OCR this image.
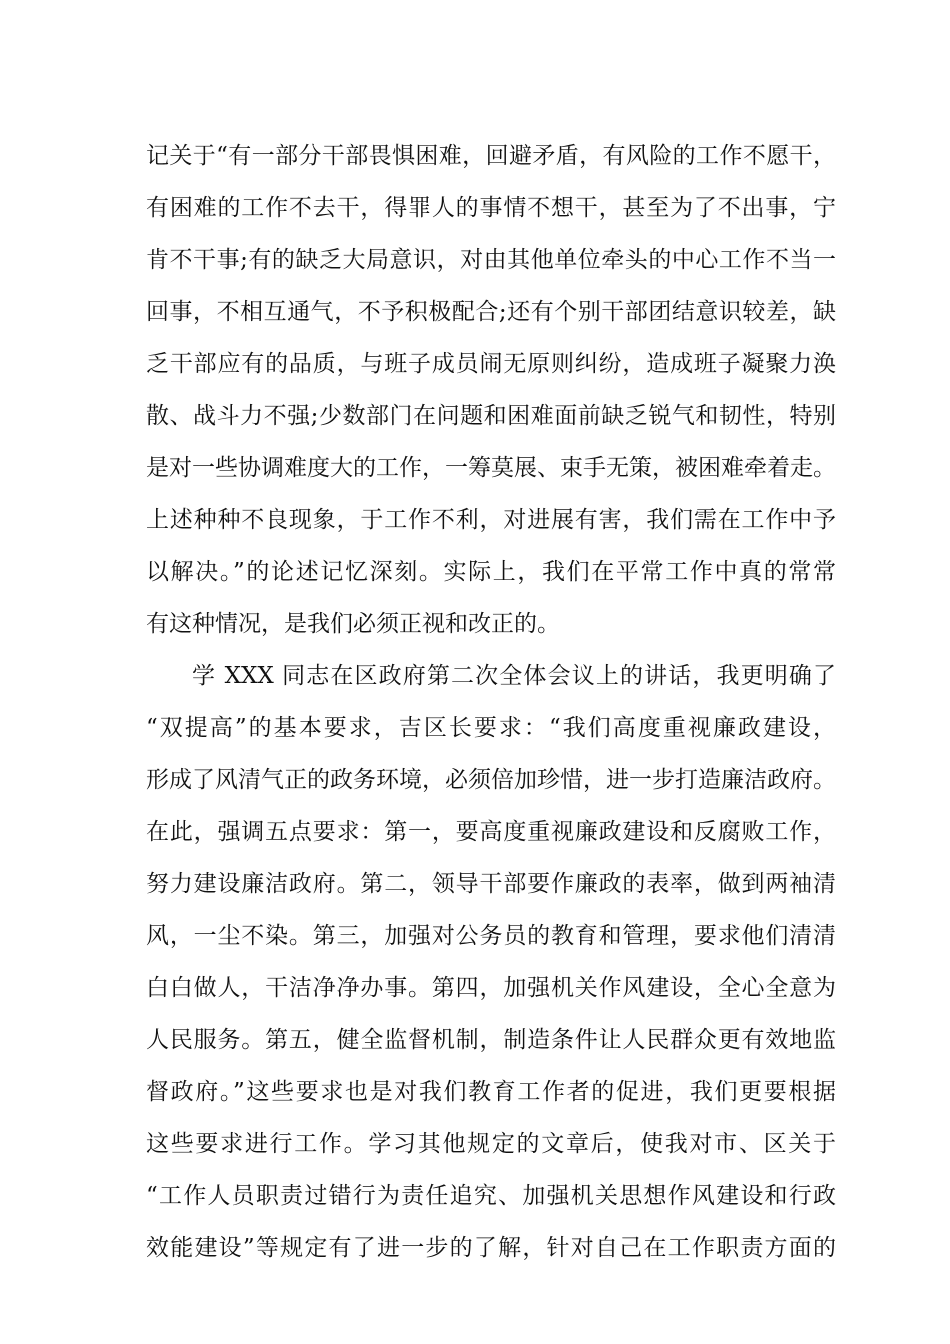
记关于“有一部分干部畏惧困难，回避矛盾，有风险的工作不愿干，
有困难的工作不去干，得罪人的事情不想干，甚至为了不出事，宁
肯不干事;有的缺乏大局意识，对由其他单位牵头的中心工作不当一
回事，不相互通气，不予积极配合;还有个别干部团结意识较差，缺
乏干部应有的品质，与班子成员闹无原则纠纷，造成班子凝聚力涣
散、战斗力不强;少数部门在问题和困难面前缺乏锐气和韧性，特别
是对一些协调难度大的工作，一筹莫展、束手无策，被困难牵着走。
上述种种不良现象，于工作不利，对进展有害，我们需在工作中予
以解决。”的论述记忆深刻。实际上，我们在平常工作中真的常常
有这种情况，是我们必须正视和改正的。
学 XXX 同志在区政府第二次全体会议上的讲话，我更明确了
“双提高”的基本要求，吉区长要求：“我们高度重视廉政建设，
形成了风清气正的政务环境，必须倍加珍惜，进一步打造廉洁政府。
在此，强调五点要求：第一，要高度重视廉政建设和反腐败工作，
努力建设廉洁政府。第二，领导干部要作廉政的表率，做到两袖清
风，一尘不染。第三，加强对公务员的教育和管理，要求他们清清
白白做人，干洁净净办事。第四，加强机关作风建设，全心全意为
人民服务。第五，健全监督机制，制造条件让人民群众更有效地监
督政府。”这些要求也是对我们教育工作者的促进，我们更要根据
这些要求进行工作。学习其他规定的文章后，使我对市、区关于
“工作人员职责过错行为责任追究、加强机关思想作风建设和行政
效能建设”等规定有了进一步的了解，针对自己在工作职责方面的
